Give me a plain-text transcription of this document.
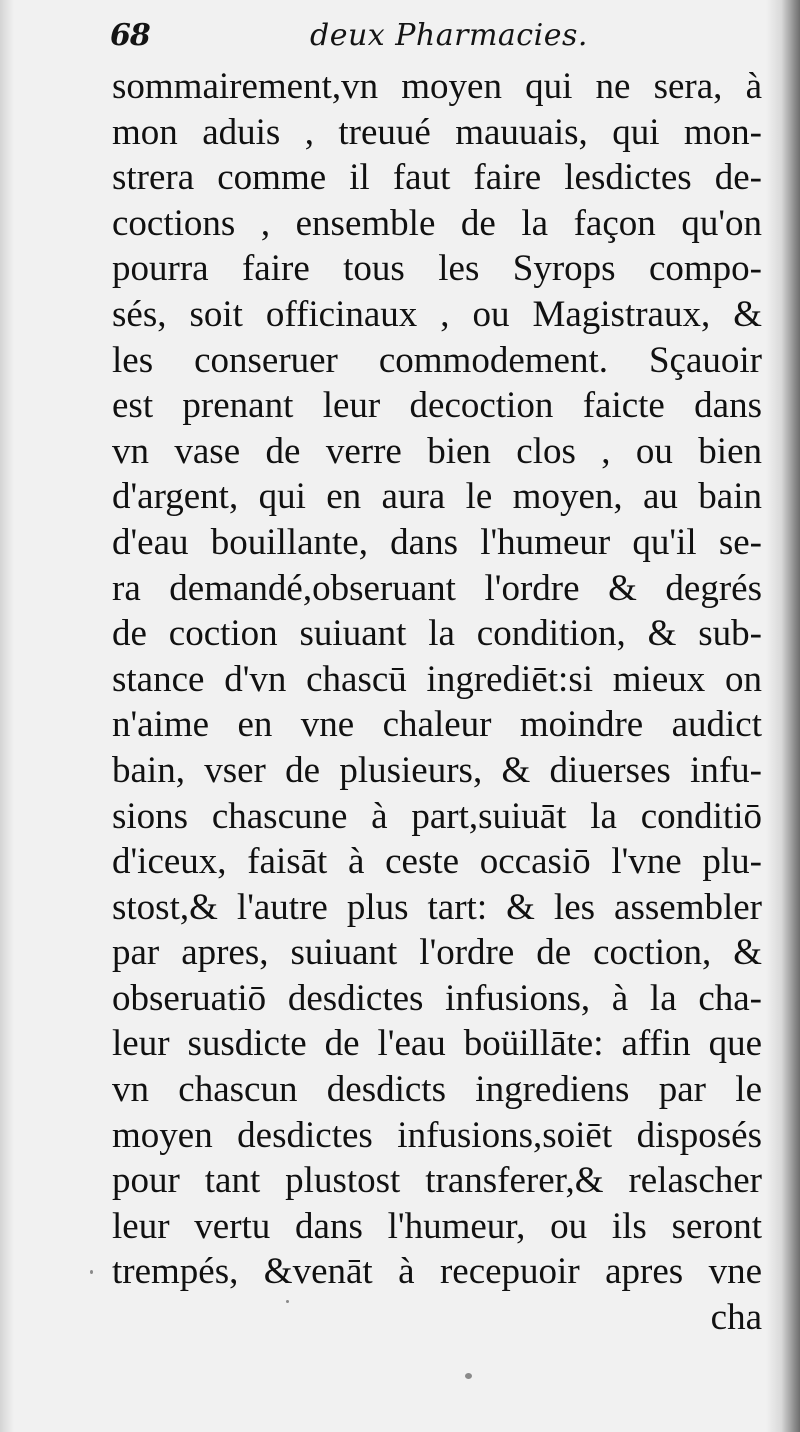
68	deux Pharmacies.
sommairement,vn moyen qui ne sera, à
mon aduis , treuué mauuais, qui mon-
strera comme il faut faire lesdictes de-
coctions , ensemble de la façon qu'on
pourra faire tous les Syrops compo-
sés, soit officinaux , ou Magistraux, &
les conseruer commodement. Sçauoir
est prenant leur decoction faicte dans
vn vase de verre bien clos , ou bien
d'argent, qui en aura le moyen, au bain
d'eau bouillante, dans l'humeur qu'il se-
ra demandé,obseruant l'ordre & degrés
de coction suiuant la condition, & sub-
stance d'vn chascū ingrediēt:si mieux on
n'aime en vne chaleur moindre audict
bain, vser de plusieurs, & diuerses infu-
sions chascune à part,suiuāt la conditiō
d'iceux, faisāt à ceste occasiō l'vne plu-
stost,& l'autre plus tart: & les assembler
par apres, suiuant l'ordre de coction, &
obseruatiō desdictes infusions, à la cha-
leur susdicte de l'eau boüillāte: affin que
vn chascun desdicts ingrediens par le
moyen desdictes infusions,soiēt disposés
pour tant plustost transferer,& relascher
leur vertu dans l'humeur, ou ils seront
trempés, &venāt à recepuoir apres vne
cha
